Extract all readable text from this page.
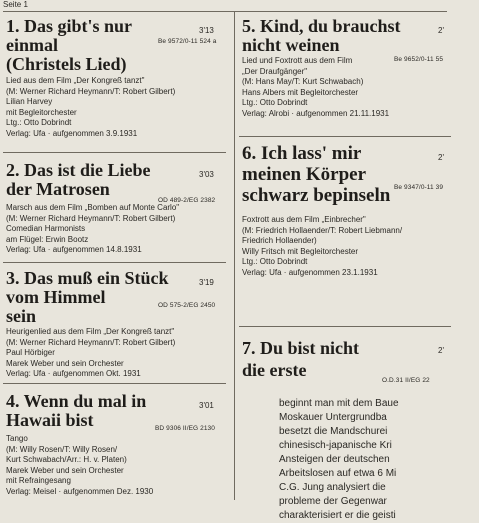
Seite 1
1. Das gibt's nur
einmal
(Christels Lied)
3'13
Be 9572/0-11 524 a
Lied aus dem Film „Der Kongreß tanzt"
(M: Werner Richard Heymann/T: Robert Gilbert)
Lilian Harvey
mit Begleitorchester
Ltg.: Otto Dobrindt
Verlag: Ufa · aufgenommen 3.9.1931
2. Das ist die Liebe
der Matrosen
3'03
OD 489-2/EG 2382
Marsch aus dem Film „Bomben auf Monte Carlo"
(M: Werner Richard Heymann/T: Robert Gilbert)
Comedian Harmonists
am Flügel: Erwin Bootz
Verlag: Ufa · aufgenommen 14.8.1931
3. Das muß ein Stück
vom Himmel
sein
3'19
OD 575-2/EG 2450
Heurigenlied aus dem Film „Der Kongreß tanzt"
(M: Werner Richard Heymann/T: Robert Gilbert)
Paul Hörbiger
Marek Weber und sein Orchester
Verlag: Ufa · aufgenommen Okt. 1931
4. Wenn du mal in
Hawaii bist
3'01
BD 9306 II/EG 2130
Tango
(M: Willy Rosen/T: Willy Rosen/
Kurt Schwabach/Arr.: H. v. Platen)
Marek Weber und sein Orchester
mit Refraingesang
Verlag: Meisel · aufgenommen Dez. 1930
5. Kind, du brauchst
nicht weinen
2'
Be 9652/0-11 55
Lied und Foxtrott aus dem Film
„Der Draufgänger"
(M: Hans May/T: Kurt Schwabach)
Hans Albers mit Begleitorchester
Ltg.: Otto Dobrindt
Verlag: Alrobi · aufgenommen 21.11.1931
6. Ich lass' mir
meinen Körper
schwarz bepinseln
2'
Be 9347/0-11 39
Foxtrott aus dem Film „Einbrecher"
(M: Friedrich Hollaender/T: Robert Liebmann/
Friedrich Hollaender)
Willy Fritsch mit Begleitorchester
Ltg.: Otto Dobrindt
Verlag: Ufa · aufgenommen 23.1.1931
7. Du bist nicht
die erste
2'
O.D.31 II/EG 22
beginnt man mit dem Baue
Moskauer Untergrundba
besetzt die Mandschurei
chinesisch-japanische Kri
Ansteigen der deutschen
Arbeitslosen auf etwa 6 Mi
C.G. Jung analysiert die
probleme der Gegenwar
charakterisiert er die geisti
